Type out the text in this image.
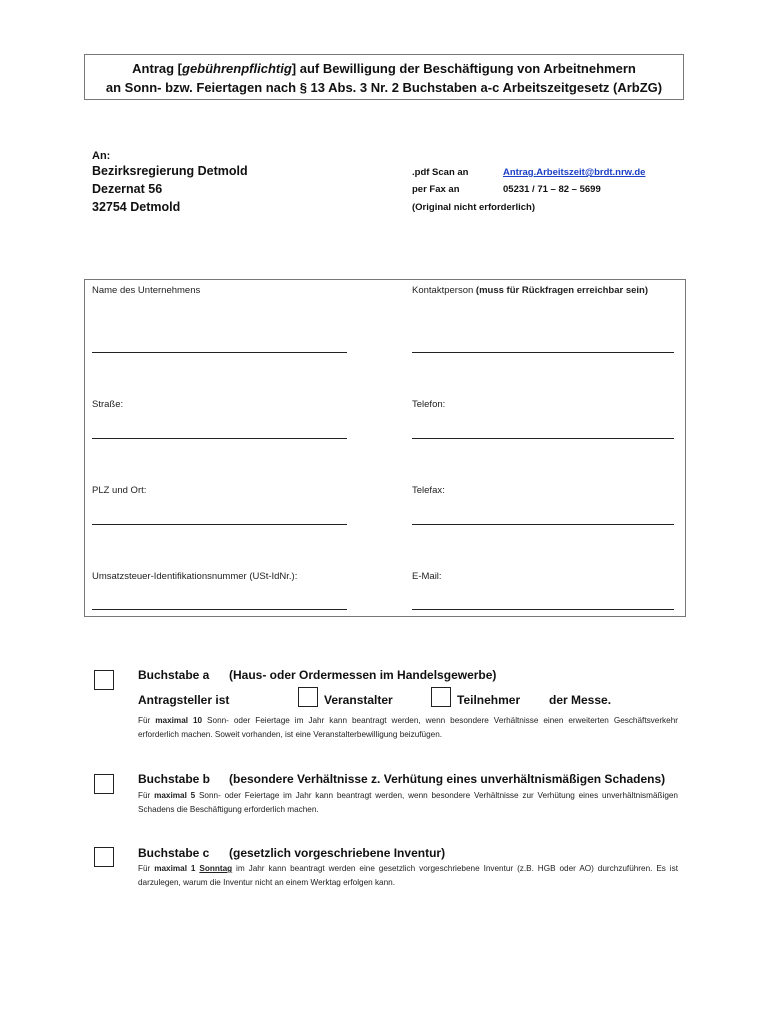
Antrag [gebührenpflichtig] auf Bewilligung der Beschäftigung von Arbeitnehmern
an Sonn- bzw. Feiertagen nach § 13 Abs. 3 Nr. 2 Buchstaben a-c Arbeitszeitgesetz (ArbZG)
An:
Bezirksregierung Detmold
Dezernat 56
32754 Detmold
.pdf Scan an	Antrag.Arbeitszeit@brdt.nrw.de
per Fax an	05231 / 71 – 82 – 5699
(Original nicht erforderlich)
Name des Unternehmens	Kontaktperson (muss für Rückfragen erreichbar sein)
Straße:	Telefon:
PLZ und Ort:	Telefax:
Umsatzsteuer-Identifikationsnummer (USt-IdNr.):	E-Mail:
Buchstabe a (Haus- oder Ordermessen im Handelsgewerbe)
Antragsteller ist	Veranstalter	Teilnehmer der Messe.
Für maximal 10 Sonn- oder Feiertage im Jahr kann beantragt werden, wenn besondere Verhältnisse einen erweiterten Geschäftsverkehr erforderlich machen. Soweit vorhanden, ist eine Veranstalterbewilligung beizufügen.
Buchstabe b (besondere Verhältnisse z. Verhütung eines unverhältnismäßigen Schadens)
Für maximal 5 Sonn- oder Feiertage im Jahr kann beantragt werden, wenn besondere Verhältnisse zur Verhütung eines unverhältnismäßigen Schadens die Beschäftigung erforderlich machen.
Buchstabe c (gesetzlich vorgeschriebene Inventur)
Für maximal 1 Sonntag im Jahr kann beantragt werden eine gesetzlich vorgeschriebene Inventur (z.B. HGB oder AO) durchzuführen. Es ist darzulegen, warum die Inventur nicht an einem Werktag erfolgen kann.
